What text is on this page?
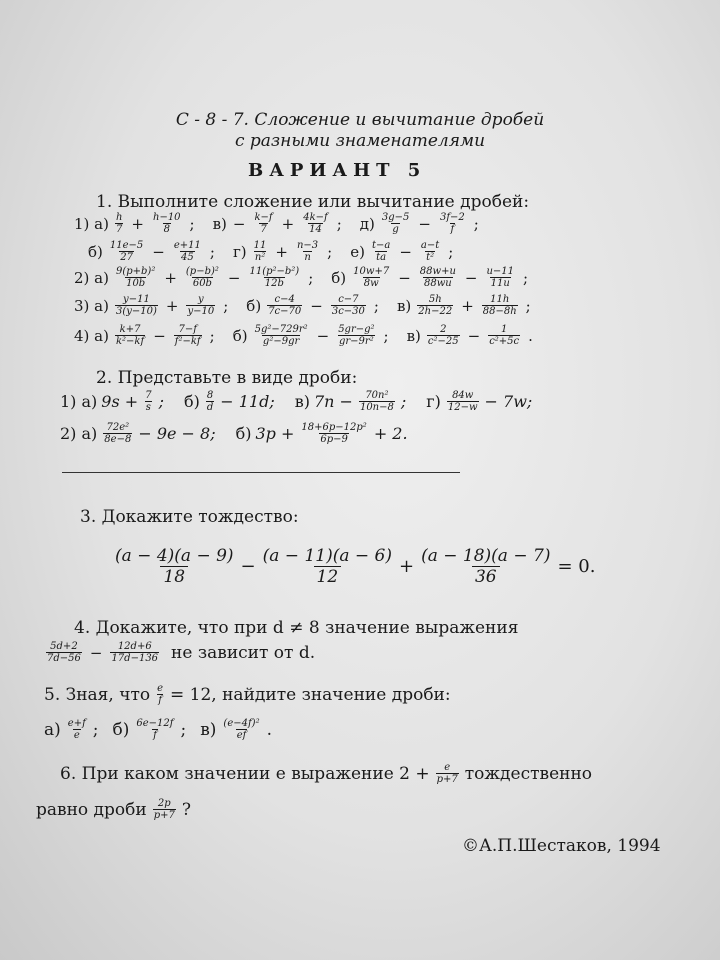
С - 8 - 7. Сложение и вычитание дробей
с разными знаменателями
ВАРИАНТ 5
1. Выполните сложение или вычитание дробей:
1) $а) \frac{h}{7} + \frac{h-10}{8}$ ; $в) - \frac{k-f}{7} + \frac{4k-f}{14}$ ; $д) \frac{3g-5}{g} - \frac{3f-2}{f}$ ;
$б) \frac{11e-5}{27} - \frac{e+11}{45}$ ; $г) \frac{11}{\text{n²}} + \frac{n-3}{n}$ ; $е) \frac{t-a}{ta} - \frac{a-t}{\text{t²}}$ ;
2) $а) \frac{\text{9(p+b)²}}{10b} + \frac{\text{(p−b)²}}{60b} - \frac{\text{11(p²−b²)}}{12b}$ ; $б) \frac{10w+7}{8w} - \frac{88w+u}{88wu} - \frac{u-11}{11u}$ ;
3) $а) \frac{y-11}{3(y-10)} + \frac{y}{y-10}$ ; $б) \frac{c-4}{7c-70} - \frac{c-7}{3c-30}$ ; $в) \frac{5h}{2h-22} + \frac{11h}{88-8h}$ ;
4) $а) \frac{k+7}{\text{k²−kf}} - \frac{7-f}{\text{f²−kf}}$ ; $б) \frac{\text{5g²−729r²}}{\text{g²−9gr}} - \frac{\text{5gr−g²}}{\text{gr−9r²}}$ ; $в) \frac{2}{\text{c²−25}} - \frac{1}{\text{c²+5c}}$ .
2. Представьте в виде дроби:
1) а) $9s + \frac{7}{s}$ ; $б) \frac{8}{d} - 11d$; в) $7n - \frac{\text{70n²}}{10n-8}$ ; $г) \frac{84w}{12-w} - 7w$;
2) $а) \frac{\text{72e²}}{8e-8} - 9e - 8$; б) $3p + \frac{\text{18+6p−12p²}}{6p-9} + 2$.
3. Докажите тождество:
$\frac{(a - 4)(a - 9)}{18} - \frac{(a - 11)(a - 6)}{12} + \frac{(a - 18)(a - 7)}{36} = 0$.
4. Докажите, что при d ≠ 8 значение выражения
$\frac{5d+2}{7d-56} - \frac{12d+6}{17d-136}$ не зависит от d.
5. Зная, что $\frac{e}{f} = 12$, найдите значение дроби:
$а) \frac{e+f}{e}$ ; $б) \frac{6e-12f}{f}$ ; $в) \frac{\text{(e−4f)²}}{ef}$ .
6. При каком значении e выражение $2 + \frac{e}{p+7}$ тождественно
равно дроби $\frac{2p}{p+7}$ ?
©А.П.Шестаков, 1994
